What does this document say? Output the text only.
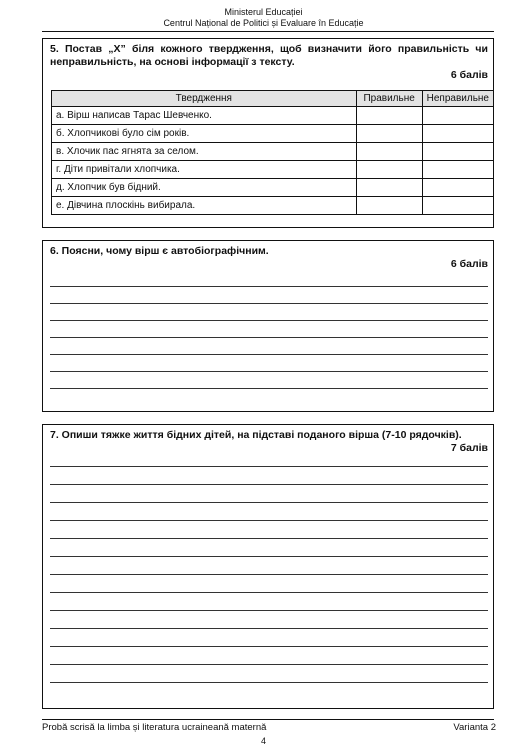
Ministerul Educației
Centrul Național de Politici și Evaluare în Educație
5. Постав „X” біля кожного твердження, щоб визначити його правильність чи неправильність, на основі інформації з тексту.
6 балів
Твердження	Правильне	Неправильне
а. Вірш написав Тарас Шевченко.		
б. Хлопчикові було сім років.		
в. Хлочик пас ягнята за селом.		
г. Діти привітали хлопчика.		
д. Хлопчик був бідний.		
е. Дівчина плоскінь вибирала.		
6. Поясни, чому вірш є автобіографічним.
6 балів
7. Опиши тяжке життя бідних дітей, на підставі поданого вірша (7-10 рядочків).
7 балів
Probă scrisă la limba și literatura ucraineană maternă	Varianta 2
4
